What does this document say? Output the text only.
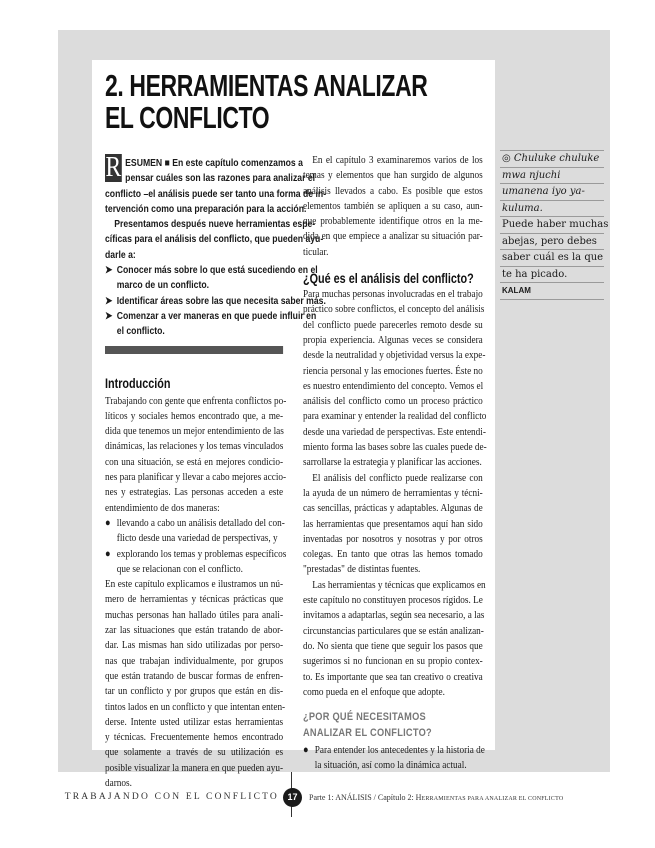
2. HERRAMIENTAS ANALIZAR
EL CONFLICTO
R ESUMEN ■ En este capítulo comenzamos a
pensar cuáles son las razones para analizar el
conflicto –el análisis puede ser tanto una forma de in-
tervención como una preparación para la acción.
Presentamos después nueve herramientas espe-
cíficas para el análisis del conflicto, que pueden ayu-
darle a:
➤ Conocer más sobre lo que está sucediendo en el
marco de un conflicto.
➤ Identificar áreas sobre las que necesita saber más.
➤ Comenzar a ver maneras en que puede influir en
el conflicto.
Introducción
Trabajando con gente que enfrenta conflictos po-
líticos y sociales hemos encontrado que, a me-
dida que tenemos un mejor entendimiento de las
dinámicas, las relaciones y los temas vinculados
con una situación, se está en mejores condicio-
nes para planificar y llevar a cabo mejores accio-
nes y estrategias. Las personas acceden a este
entendimiento de dos maneras:
● llevando a cabo un análisis detallado del con-
flicto desde una variedad de perspectivas, y
● explorando los temas y problemas específicos
que se relacionan con el conflicto.
En este capítulo explicamos e ilustramos un nú-
mero de herramientas y técnicas prácticas que
muchas personas han hallado útiles para anali-
zar las situaciones que están tratando de abor-
dar. Las mismas han sido utilizadas por perso-
nas que trabajan individualmente, por grupos
que están tratando de buscar formas de enfren-
tar un conflicto y por grupos que están en dis-
tintos lados en un conflicto y que intentan enten-
derse. Intente usted utilizar estas herramientas
y técnicas. Frecuentemente hemos encontrado
que solamente a través de su utilización es
posible visualizar la manera en que pueden ayu-
darnos.
En el capítulo 3 examinaremos varios de los
temas y elementos que han surgido de algunos
análisis llevados a cabo. Es posible que estos
elementos también se apliquen a su caso, aun-
que probablemente identifique otros en la me-
dida en que empiece a analizar su situación par-
ticular.
¿Qué es el análisis del conflicto?
Para muchas personas involucradas en el trabajo
práctico sobre conflictos, el concepto del análisis
del conflicto puede parecerles remoto desde su
propia experiencia. Algunas veces se considera
desde la neutralidad y objetividad versus la expe-
riencia personal y las emociones fuertes. Éste no
es nuestro entendimiento del concepto. Vemos el
análisis del conflicto como un proceso práctico
para examinar y entender la realidad del conflicto
desde una variedad de perspectivas. Este entendi-
miento forma las bases sobre las cuales puede de-
sarrollarse la estrategia y planificar las acciones.
El análisis del conflicto puede realizarse con
la ayuda de un número de herramientas y técni-
cas sencillas, prácticas y adaptables. Algunas de
las herramientas que presentamos aquí han sido
inventadas por nosotros y nosotras y por otros
colegas. En tanto que otras las hemos tomado
"prestadas" de distintas fuentes.
Las herramientas y técnicas que explicamos en
este capítulo no constituyen procesos rígidos. Le
invitamos a adaptarlas, según sea necesario, a las
circunstancias particulares que se están analizan-
do. No sienta que tiene que seguir los pasos que
sugerimos si no funcionan en su propio contex-
to. Es importante que sea tan creativo o creativa
como pueda en el enfoque que adopte.
¿POR QUÉ NECESITAMOS
ANALIZAR EL CONFLICTO?
● Para entender los antecedentes y la historia de
la situación, así como la dinámica actual.
◎ Chuluke chuluke
mwa njuchi
umanena iyo ya-
kuluma.
Puede haber muchas
abejas, pero debes
saber cuál es la que
te ha picado.
KALAM
TRABAJANDO CON EL CONFLICTO 17	Parte 1: ANÁLISIS / Capítulo 2: HERRAMIENTAS PARA ANALIZAR EL CONFLICTO
